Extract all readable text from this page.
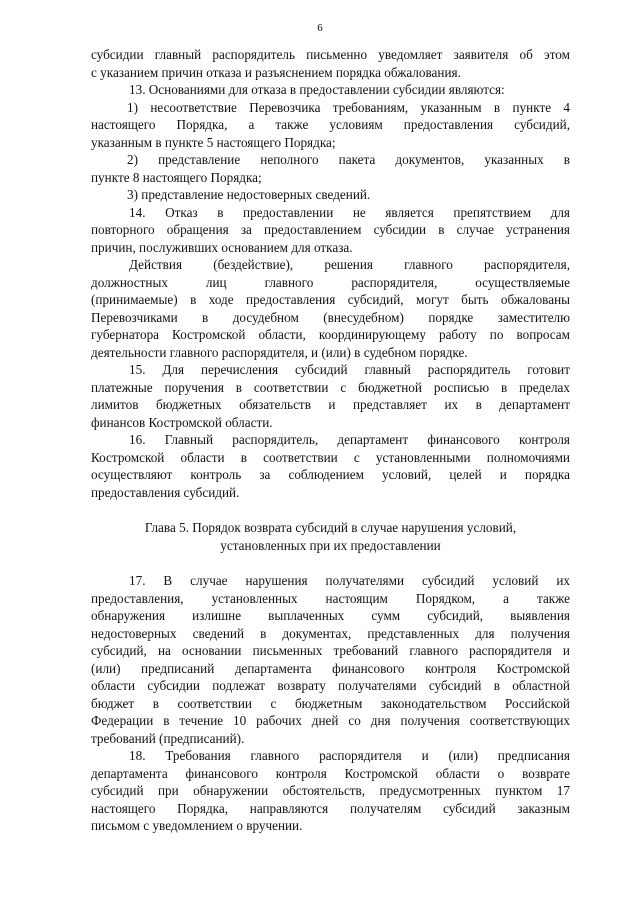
6
субсидии главный распорядитель письменно уведомляет заявителя об этом
с указанием причин отказа и разъяснением порядка обжалования.
13. Основаниями для отказа в предоставлении субсидии являются:
1) несоответствие Перевозчика требованиям, указанным в пункте 4
настоящего Порядка, а также условиям предоставления субсидий,
указанным в пункте 5 настоящего Порядка;
2) представление неполного пакета документов, указанных в
пункте 8 настоящего Порядка;
3) представление недостоверных сведений.
14. Отказ в предоставлении не является препятствием для
повторного обращения за предоставлением субсидии в случае устранения
причин, послуживших основанием для отказа.
Действия (бездействие), решения главного распорядителя,
должностных лиц главного распорядителя, осуществляемые
(принимаемые) в ходе предоставления субсидий, могут быть обжалованы
Перевозчиками в досудебном (внесудебном) порядке заместителю
губернатора Костромской области, координирующему работу по вопросам
деятельности главного распорядителя, и (или) в судебном порядке.
15. Для перечисления субсидий главный распорядитель готовит
платежные поручения в соответствии с бюджетной росписью в пределах
лимитов бюджетных обязательств и представляет их в департамент
финансов Костромской области.
16. Главный распорядитель, департамент финансового контроля
Костромской области в соответствии с установленными полномочиями
осуществляют контроль за соблюдением условий, целей и порядка
предоставления субсидий.
Глава 5. Порядок возврата субсидий в случае нарушения условий,
установленных при их предоставлении
17. В случае нарушения получателями субсидий условий их
предоставления, установленных настоящим Порядком, а также
обнаружения излишне выплаченных сумм субсидий, выявления
недостоверных сведений в документах, представленных для получения
субсидий, на основании письменных требований главного распорядителя и
(или) предписаний департамента финансового контроля Костромской
области субсидии подлежат возврату получателями субсидий в областной
бюджет в соответствии с бюджетным законодательством Российской
Федерации в течение 10 рабочих дней со дня получения соответствующих
требований (предписаний).
18. Требования главного распорядителя и (или) предписания
департамента финансового контроля Костромской области о возврате
субсидий при обнаружении обстоятельств, предусмотренных пунктом 17
настоящего Порядка, направляются получателям субсидий заказным
письмом с уведомлением о вручении.
